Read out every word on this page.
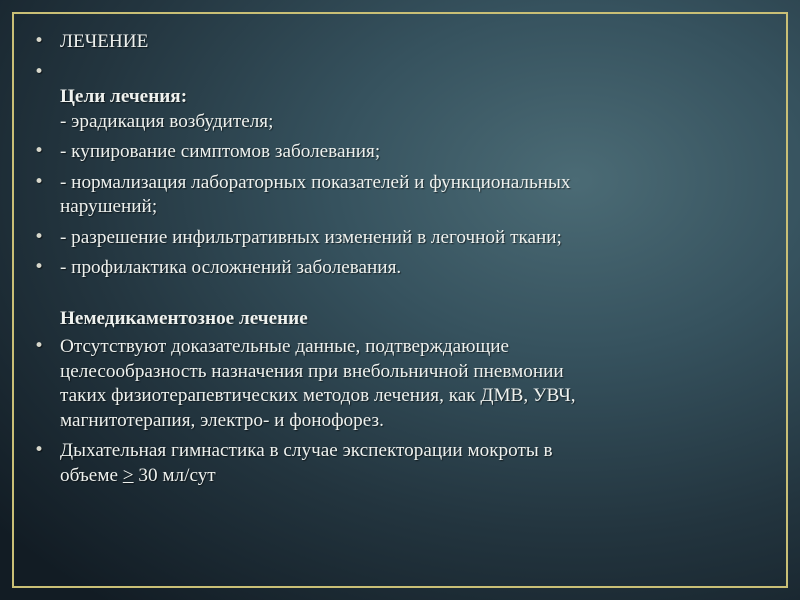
• ЛЕЧЕНИЕ
•

Цели лечения:
- эрадикация возбудителя;
• - купирование симптомов заболевания;
• - нормализация лабораторных показателей и функциональных
нарушений;
• - разрешение инфильтративных изменений в легочной ткани;
• - профилактика осложнений заболевания.
Немедикаментозное лечение
• Отсутствуют доказательные данные, подтверждающие
целесообразность назначения при внебольничной пневмонии
таких физиотерапевтических методов лечения, как ДМВ, УВЧ,
магнитотерапия, электро- и фонофорез.
• Дыхательная гимнастика в случае экспекторации мокроты в
объеме ≥ 30 мл/сут
